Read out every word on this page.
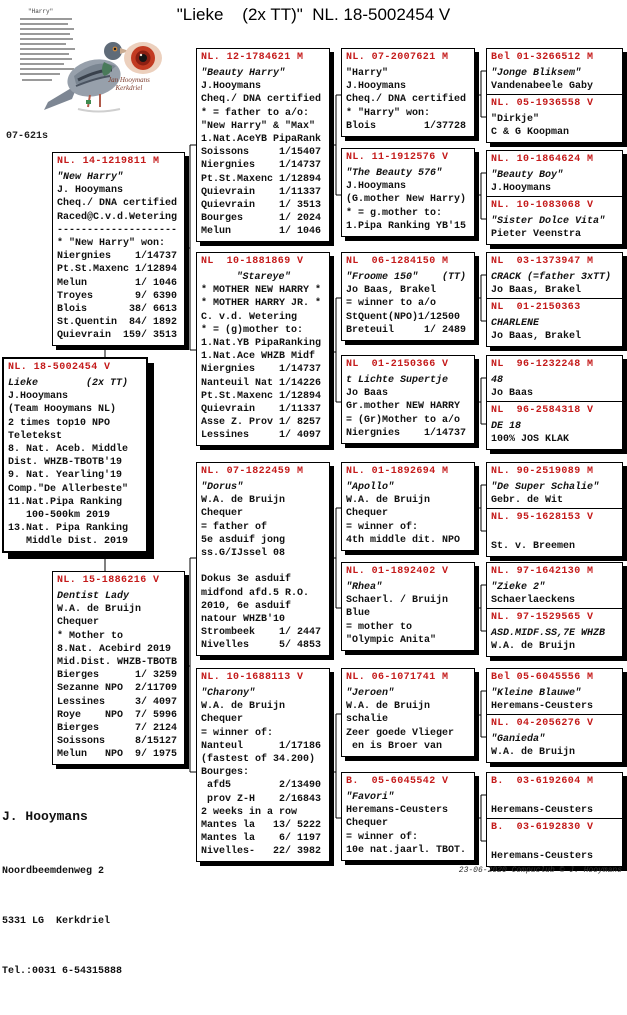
"Lieke    (2x TT)"  NL. 18-5002454 V
"Harry"
Jan Hooymans
Kerkdriel
07-621s
NL. 14-1219811 M
"New Harry"
J. Hooymans
Cheq./ DNA certified
Raced@C.v.d.Wetering
--------------------
* "New Harry" won:
Niergnies    1/14737
Pt.St.Maxenc 1/12894
Melun        1/ 1046
Troyes       9/ 6390
Blois       38/ 6613
St.Quentin  84/ 1892
Quievrain  159/ 3513
NL. 18-5002454 V
Lieke        (2x TT)
J.Hooymans
(Team Hooymans NL)
2 times top10 NPO
Teletekst
8. Nat. Aceb. Middle
Dist. WHZB-TBOTB'19
9. Nat. Yearling'19
Comp."De Allerbeste"
11.Nat.Pipa Ranking
100-500km 2019
13.Nat. Pipa Ranking
Middle Dist. 2019
NL. 15-1886216 V
Dentist Lady
W.A. de Bruijn
Chequer
* Mother to
8.Nat. Acebird 2019
Mid.Dist. WHZB-TBOTB
Bierges      1/ 3259
Sezanne NPO  2/11709
Lessines     3/ 4097
Roye    NPO  7/ 5996
Bierges      7/ 2124
Soissons     8/15127
Melun   NPO  9/ 1975
NL. 12-1784621 M
"Beauty Harry"
J.Hooymans
Cheq./ DNA certified
* = father to a/o:
"New Harry" & "Max"
1.Nat.AceYB PipaRank
Soissons     1/15407
Niergnies    1/14737
Pt.St.Maxenc 1/12894
Quievrain    1/11337
Quievrain    1/ 3513
Bourges      1/ 2024
Melun        1/ 1046
NL  10-1881869 V
"Stareye"
* MOTHER NEW HARRY *
* MOTHER HARRY JR. *
C. v.d. Wetering
* = (g)mother to:
1.Nat.YB PipaRanking
1.Nat.Ace WHZB Midf
Niergnies    1/14737
Nanteuil Nat 1/14226
Pt.St.Maxenc 1/12894
Quievrain    1/11337
Asse Z. Prov 1/ 8257
Lessines     1/ 4097
NL. 07-1822459 M
"Dorus"
W.A. de Bruijn
Chequer
= father of
5e asduif jong
ss.G/IJssel 08

Dokus 3e asduif
midfond afd.5 R.O.
2010, 6e asduif
natour WHZB'10
Strombeek    1/ 2447
Nivelles     5/ 4853
NL. 10-1688113 V
"Charony"
W.A. de Bruijn
Chequer
= winner of:
Nanteul      1/17186
(fastest of 34.200)
Bourges:
afd5        2/13490
prov Z-H    2/16843
2 weeks in a row
Mantes la   13/ 5222
Mantes la    6/ 1197
Nivelles-   22/ 3982
NL. 07-2007621 M
"Harry"
J.Hooymans
Cheq./ DNA certified
* "Harry" won:
Blois        1/37728
NL. 11-1912576 V
"The Beauty 576"
J.Hooymans
(G.mother New Harry)
* = g.mother to:
1.Pipa Ranking YB'15
NL  06-1284150 M
"Froome 150"    (TT)
Jo Baas, Brakel
= winner to a/o
StQuent(NPO)1/12500
Breteuil     1/ 2489
NL  01-2150366 V
t Lichte Supertje
Jo Baas
Gr.mother NEW HARRY
= (Gr)Mother to a/o
Niergnies    1/14737
NL. 01-1892694 M
"Apollo"
W.A. de Bruijn
Chequer
= winner of:
4th middle dit. NPO
NL. 01-1892402 V
"Rhea"
Schaerl. / Bruijn
Blue
= mother to
"Olympic Anita"
NL. 06-1071741 M
"Jeroen"
W.A. de Bruijn
schalie
Zeer goede Vlieger
en is Broer van
B.  05-6045542 V
"Favori"
Heremans-Ceusters
Chequer
= winner of:
10e nat.jaarl. TBOT.
Bel 01-3266512 M
"Jonge Bliksem"
Vandenabeele Gaby
NL. 05-1936558 V
"Dirkje"
C & G Koopman
NL. 10-1864624 M
"Beauty Boy"
J.Hooymans
NL. 10-1083068 V
"Sister Dolce Vita"
Pieter Veenstra
NL  03-1373947 M
CRACK (=father 3xTT)
Jo Baas, Brakel
NL  01-2150363
CHARLENE
Jo Baas, Brakel
NL  96-1232248 M
48
Jo Baas
NL  96-2584318 V
DE 18
100% JOS KLAK
NL. 90-2519089 M
"De Super Schalie"
Gebr. de Wit
NL. 95-1628153 V

St. v. Breemen
NL. 97-1642130 M
"Zieke 2"
Schaerlaeckens
NL. 97-1529565 V
ASD.MIDF.SS,7E WHZB
W.A. de Bruijn
Bel 05-6045556 M
"Kleine Blauwe"
Heremans-Ceusters
NL. 04-2056276 V
"Ganieda"
W.A. de Bruijn
B.  03-6192604 M

Heremans-Ceusters
B.  03-6192830 V

Heremans-Ceusters

J. Hooymans

Noordbeemdenweg 2

5331 LG  Kerkdriel

Tel.:0031 6-54315888

23-06-2020 Compuclub © J. Hooymans
